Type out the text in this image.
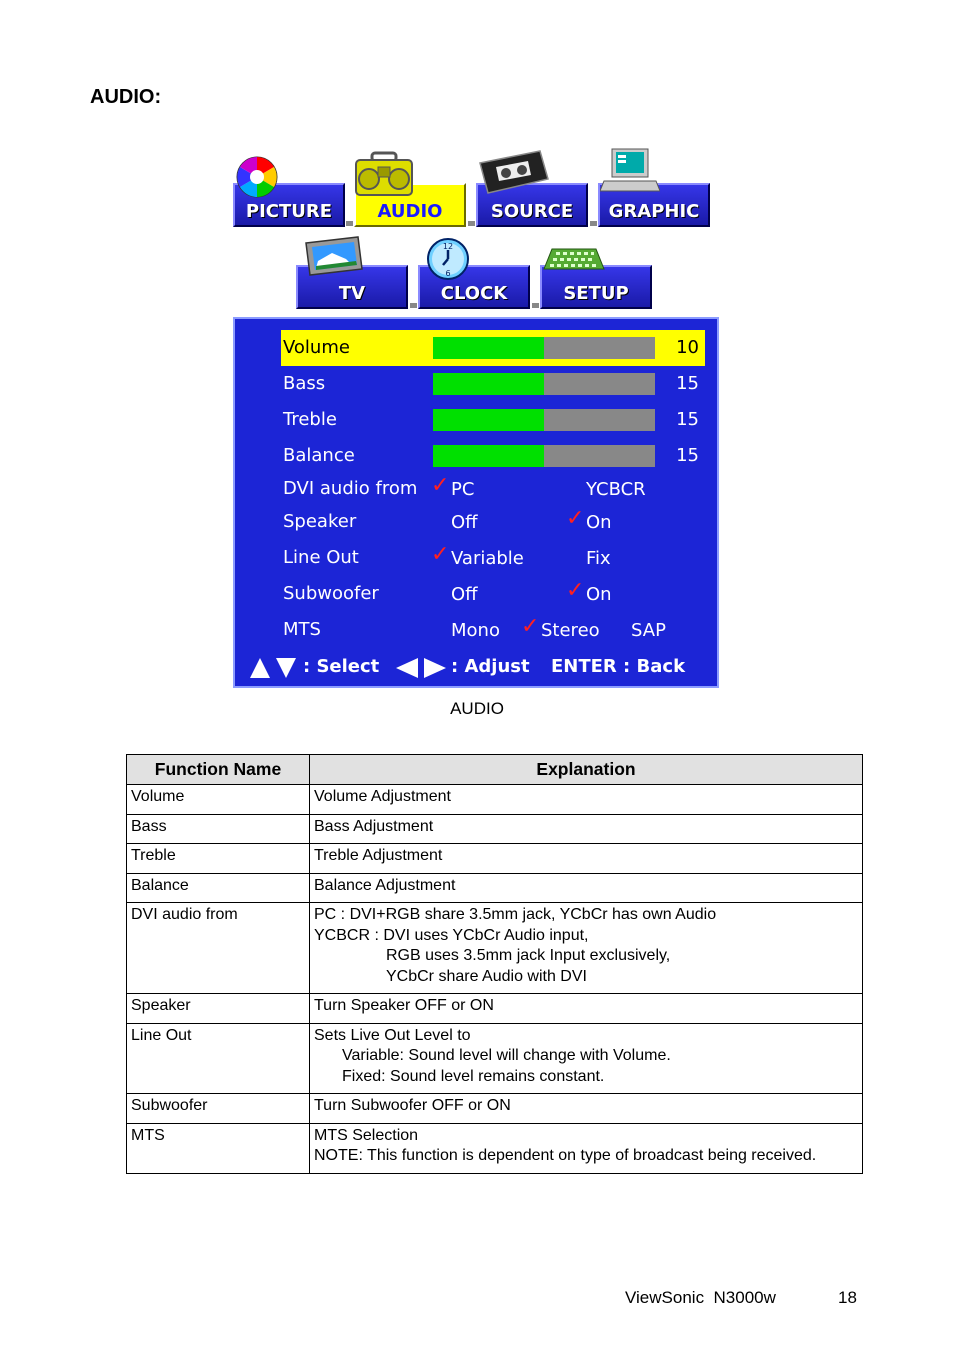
AUDIO:
PICTURE	AUDIO	SOURCE	GRAPHIC
TV	CLOCK
12
6
SETUP
Volume	10
Bass	15
Treble	15
Balance	15
DVI audio from ✓ PC	YCBCR
Speaker	Off	✓ On
Line Out	✓ Variable	Fix
Subwoofer	Off	✓ On
MTS	Mono ✓ Stereo SAP
: Select	: Adjust ENTER : Back
AUDIO
Function Name	Explanation
Volume	Volume Adjustment
Bass	Bass Adjustment
Treble	Treble Adjustment
Balance	Balance Adjustment
DVI audio from	PC : DVI+RGB share 3.5mm jack, YCbCr has own Audio
YCBCR : DVI uses YCbCr Audio input,
RGB uses 3.5mm jack Input exclusively,
YCbCr share Audio with DVI

Speaker	Turn Speaker OFF or ON
Line Out	Sets Live Out Level to
Variable: Sound level will change with Volume.
Fixed: Sound level remains constant.

Subwoofer	Turn Subwoofer OFF or ON
MTS	MTS Selection
NOTE: This function is dependent on type of broadcast being received.
ViewSonic  N3000w	18
